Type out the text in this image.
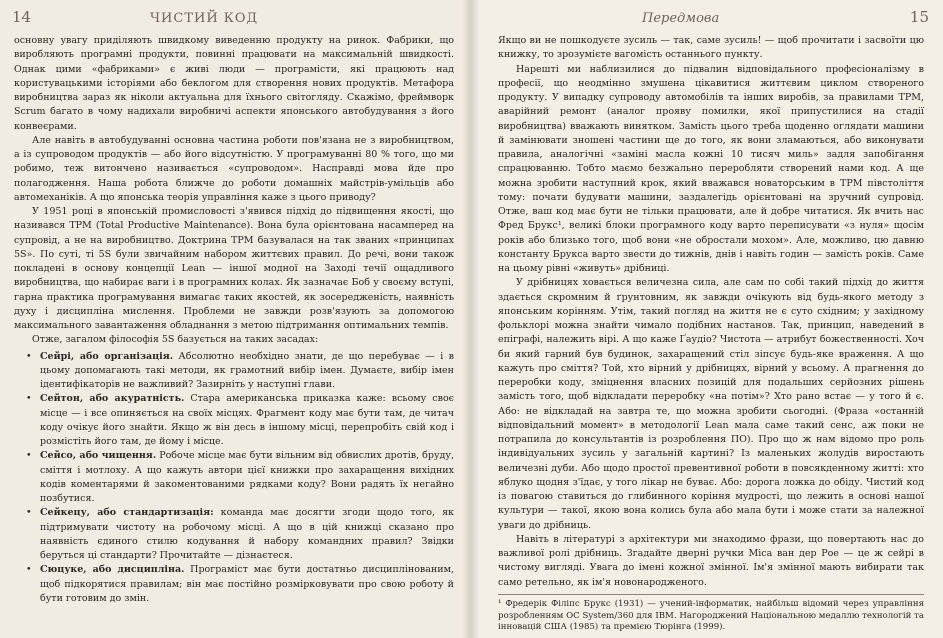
14	ЧИСТИЙ КОД

основну увагу приділяють швидкому виведенню продукту на ринок. Фабрики, що виробляють програмні продукти, повинні працювати на максимальній швидкості. Однак цими «фабриками» є живі люди — програмісти, які працюють над користувацькими історіями або беклогом для створення нових продуктів. Метафора виробництва зараз як ніколи актуальна для їхнього світогляду. Скажімо, фреймворк Scrum багато в чому надихали виробничі аспекти японського автобудування з його конвеєрами.

Але навіть в автобудуванні основна частина роботи пов'язана не з виробництвом, а із супроводом продуктів — або його відсутністю. У програмуванні 80 % того, що ми робимо, теж витончено називається «супроводом». Насправді мова йде про полагодження. Наша робота ближче до роботи домашніх майстрів-умільців або автомеханіків. А що японська теорія управління каже з цього приводу?

У 1951 році в японській промисловості з'явився підхід до підвищення якості, що називався TPM (Total Productive Maintenance). Вона була орієнтована насамперед на супровід, а не на виробництво. Доктрина TPM базувалася на так званих «принципах 5S». По суті, ті 5S були звичайним набором життєвих правил. До речі, вони також покладені в основу концепції Lean — іншої модної на Заході течії ощадливого виробництва, що набирає ваги і в програмних колах. Як зазначає Боб у своєму вступі, гарна практика програмування вимагає таких якостей, як зосередженість, наявність духу і дисципліна мислення. Проблеми не завжди розв'язують за допомогою максимального завантаження обладнання з метою підтримання оптимальних темпів.

Отже, загалом філософія 5S базується на таких засадах:

• Сейрі, або організація. Абсолютно необхідно знати, де що перебуває — і в цьому допомагають такі методи, як грамотний вибір імен. Думаєте, вибір імен ідентифікаторів не важливий? Зазирніть у наступні глави.
• Сейтон, або акуратність. Стара американська приказка каже: всьому своє місце — і все опиняється на своїх місцях. Фрагмент коду має бути там, де читач коду очікує його знайти. Якщо ж він десь в іншому місці, перепробіть свій код і розмістіть його там, де йому і місце.
• Сейсо, або чищення. Робоче місце має бути вільним від обвислих дротів, бруду, сміття і мотлоху. А що кажуть автори цієї книжки про захаращення вихідних кодів коментарями й закоментованими рядками коду? Вони радять їх негайно позбутися.
• Сейкецу, або стандартизація: команда має досягти згоди щодо того, як підтримувати чистоту на робочому місці. А що в цій книжці сказано про наявність єдиного стилю кодування й набору командних правил? Звідки беруться ці стандарти? Прочитайте — дізнаєтеся.
• Сюцуке, або дисципліна. Програміст має бути достатньо дисциплінованим, щоб підкорятися правилам; він має постійно розмірковувати про свою роботу й бути готовим до змін.
Передмова	15

Якщо ви не пошкодуєте зусиль — так, саме зусиль! — щоб прочитати і засвоїти цю книжку, то зрозумієте вагомість останнього пункту.

Нарешті ми наблизилися до підвалин відповідального професіоналізму в професії, що неодмінно змушена цікавитися життєвим циклом створеного продукту. У випадку супроводу автомобілів та інших виробів, за правилами TPM, аварійний ремонт (аналог прояву помилки, якої припустилися на стадії виробництва) вважають винятком. Замість цього треба щоденно оглядати машини й замінювати зношені частини ще до того, як вони зламаються, або виконувати правила, аналогічні «заміні масла кожні 10 тисяч миль» задля запобігання спрацюванню. Тобто маємо безжально переробляти створений нами код. А ще можна зробити наступний крок, який вважався новаторським в TPM півстоліття тому: почати будувати машини, заздалегідь орієнтовані на зручний супровід. Отже, ваш код має бути не тільки працювати, але й добре читатися. Як вчить нас Фред Брукс¹, великі блоки програмного коду варто переписувати «з нуля» щосім років або близько того, щоб вони «не обростали мохом». Але, можливо, цю давню константу Брукса варто звести до тижнів, днів і навіть годин — замість років. Саме на цьому рівні «живуть» дрібниці.

У дрібницях ховається величезна сила, але сам по собі такий підхід до життя здається скромним й ґрунтовним, як завжди очікують від будь-якого методу з японським корінням. Утім, такий погляд на життя не є суто східним; у західному фольклорі можна знайти чимало подібних настанов. Так, принцип, наведений в епіграфі, належить вірі. А що каже Ґаудіо? Чистота — атрибут божественності. Хоч би який гарний був будинок, захаращений стіл зіпсує будь-яке враження. А що кажуть про сміття? Той, хто вірний у дрібницях, вірний у всьому. А прагнення до переробки коду, зміцнення власних позицій для подальших серйозних рішень замість того, щоб відкладати переробку «на потім»? Хто рано встає — у того й є. Або: не відкладай на завтра те, що можна зробити сьогодні. (Фраза «останній відповідальний момент» в методології Lean мала саме такий сенс, аж поки не потрапила до консультантів із розроблення ПО). Про що ж нам відомо про роль індивідуальних зусиль у загальній картині? Із маленьких жолудів виростають величезні дуби. Або щодо простої превентивної роботи в повсякденному житті: хто яблуко щодня з'їдає, у того лікар не буває. Або: дорога ложка до обіду. Чистий код із повагою ставиться до глибинного коріння мудрості, що лежить в основі нашої культури — такої, якою вона колись була або мала бути і може стати за належної уваги до дрібниць.

Навіть в літературі з архітектури ми знаходимо фрази, що повертають нас до важливої ролі дрібниць. Згадайте дверні ручки Міса ван дер Рое — це ж сейрі в чистому вигляді. Увага до імені кожної змінної. Ім'я змінної мають вибирати так само ретельно, як ім'я новонародженого.

¹ Фредерік Філіпс Брукс (1931) — учений-інформатик, найбільш відомий через управління розробленням ОС System/360 для IBM. Нагороджений Національною медаллю технологій та інновацій США (1985) та премією Тюрінга (1999).
